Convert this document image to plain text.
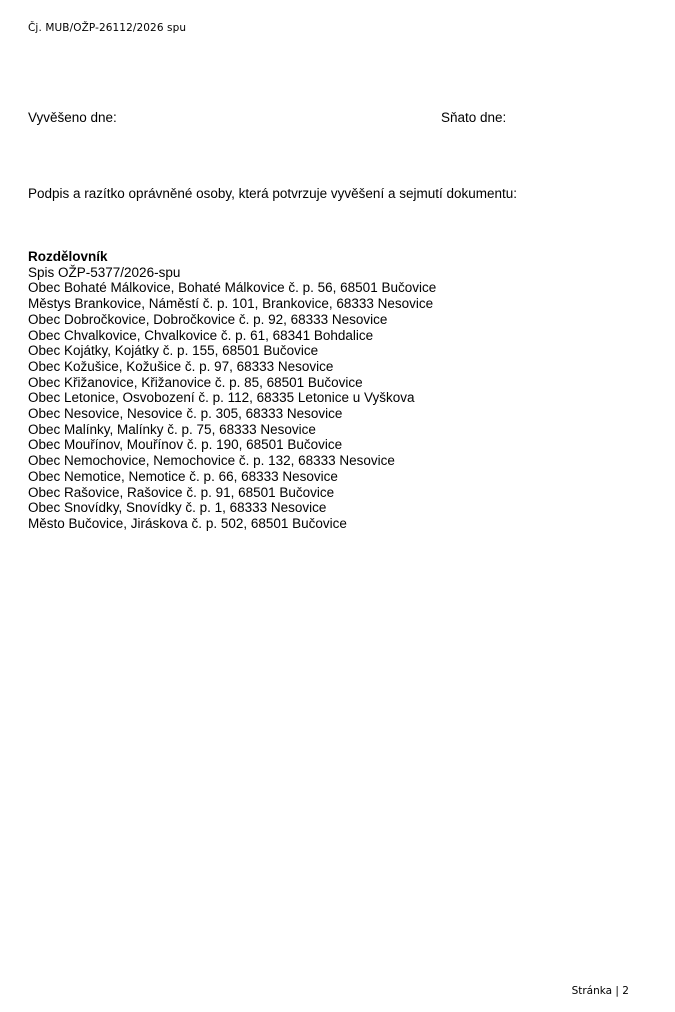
Čj. MUB/OŽP-26112/2026 spu
Vyvěšeno dne:	Sňato dne:
Podpis a razítko oprávněné osoby, která potvrzuje vyvěšení a sejmutí dokumentu:
Rozdělovník
Spis OŽP-5377/2026-spu
Obec Bohaté Málkovice, Bohaté Málkovice č. p. 56, 68501 Bučovice
Městys Brankovice, Náměstí č. p. 101, Brankovice, 68333 Nesovice
Obec Dobročkovice, Dobročkovice č. p. 92, 68333 Nesovice
Obec Chvalkovice, Chvalkovice č. p. 61, 68341 Bohdalice
Obec Kojátky, Kojátky č. p. 155, 68501 Bučovice
Obec Kožušice, Kožušice č. p. 97, 68333 Nesovice
Obec Křižanovice, Křižanovice č. p. 85, 68501 Bučovice
Obec Letonice, Osvobození č. p. 112, 68335 Letonice u Vyškova
Obec Nesovice, Nesovice č. p. 305, 68333 Nesovice
Obec Malínky, Malínky č. p. 75, 68333 Nesovice
Obec Mouřínov, Mouřínov č. p. 190, 68501 Bučovice
Obec Nemochovice, Nemochovice č. p. 132, 68333 Nesovice
Obec Nemotice, Nemotice č. p. 66, 68333 Nesovice
Obec Rašovice, Rašovice č. p. 91, 68501 Bučovice
Obec Snovídky, Snovídky č. p. 1, 68333 Nesovice
Město Bučovice, Jiráskova č. p. 502, 68501 Bučovice
Stránka | 2
